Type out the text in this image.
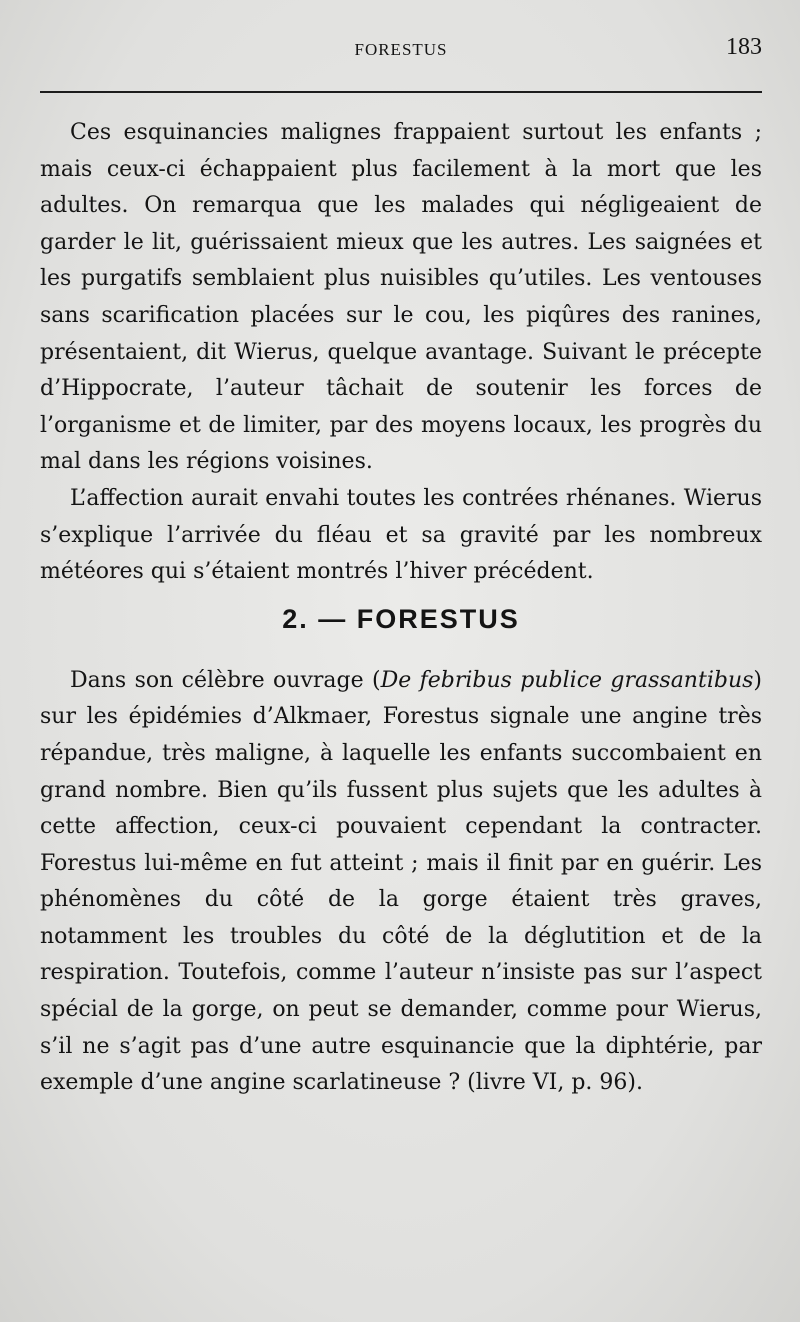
FORESTUS	183

Ces esquinancies malignes frappaient surtout les enfants ; mais ceux-ci échappaient plus facilement à la mort que les adultes. On remarqua que les malades qui négligeaient de garder le lit, guérissaient mieux que les autres. Les saignées et les purgatifs semblaient plus nuisibles qu’utiles. Les ventouses sans scarification placées sur le cou, les piqûres des ranines, présentaient, dit Wierus, quelque avantage. Suivant le précepte d’Hippocrate, l’auteur tâchait de soutenir les forces de l’organisme et de limiter, par des moyens locaux, les progrès du mal dans les régions voisines.

L’affection aurait envahi toutes les contrées rhénanes. Wierus s’explique l’arrivée du fléau et sa gravité par les nombreux météores qui s’étaient montrés l’hiver précédent.

2. — FORESTUS

Dans son célèbre ouvrage (De febribus publice grassantibus) sur les épidémies d’Alkmaer, Forestus signale une angine très répandue, très maligne, à laquelle les enfants succombaient en grand nombre. Bien qu’ils fussent plus sujets que les adultes à cette affection, ceux-ci pouvaient cependant la contracter. Forestus lui-même en fut atteint ; mais il finit par en guérir. Les phénomènes du côté de la gorge étaient très graves, notamment les troubles du côté de la déglutition et de la respiration. Toutefois, comme l’auteur n’insiste pas sur l’aspect spécial de la gorge, on peut se demander, comme pour Wierus, s’il ne s’agit pas d’une autre esquinancie que la diphtérie, par exemple d’une angine scarlatineuse ? (livre VI, p. 96).
